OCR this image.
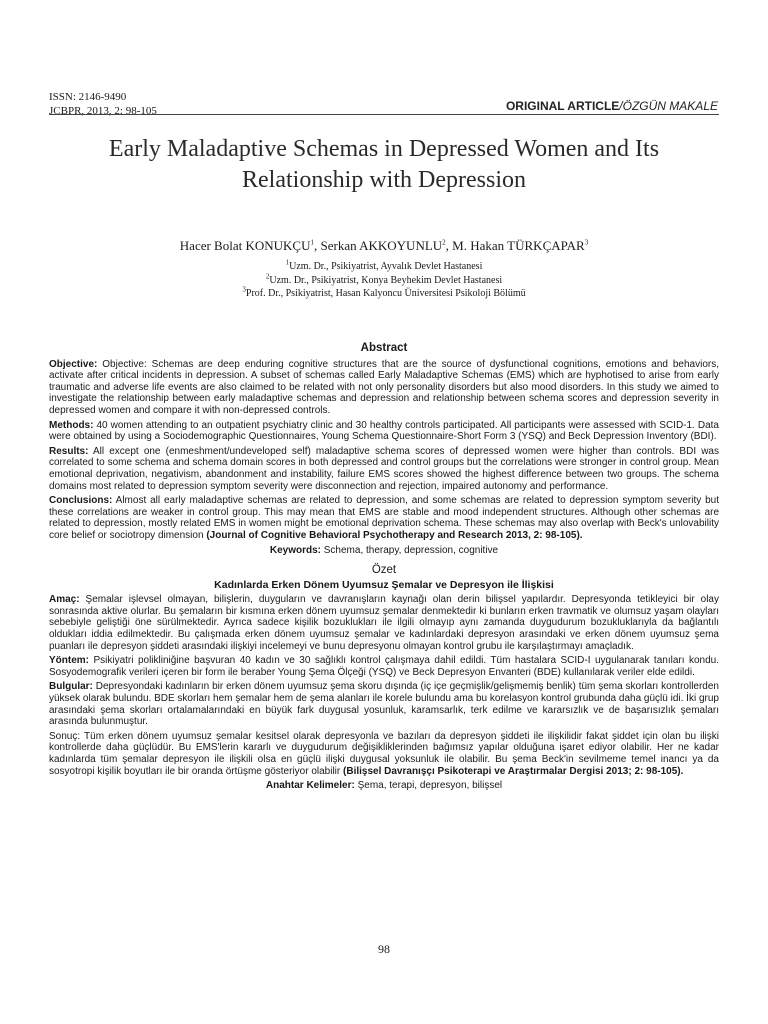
ISSN: 2146-9490
JCBPR, 2013, 2: 98-105	ORIGINAL ARTICLE/ÖZGÜN MAKALE
Early Maladaptive Schemas in Depressed Women and Its
Relationship with Depression
Hacer Bolat KONUKÇU$^1$, Serkan AKKOYUNLU$^2$, M. Hakan TÜRKÇAPAR$^3$
$^1$Uzm. Dr., Psikiyatrist, Ayvalık Devlet Hastanesi
$^2$Uzm. Dr., Psikiyatrist, Konya Beyhekim Devlet Hastanesi
$^3$Prof. Dr., Psikiyatrist, Hasan Kalyoncu Üniversitesi Psikoloji Bölümü
Abstract

Objective: Objective: Schemas are deep enduring cognitive structures that are the source of dysfunctional cognitions, emotions and behaviors, activate after critical incidents in depression. A subset of schemas called Early Maladaptive Schemas (EMS) which are hyphotised to arise from early traumatic and adverse life events are also claimed to be related with not only personality disorders but also mood disorders. In this study we aimed to investigate the relationship between early maladaptive schemas and depression and relationship between schema scores and depression severity in depressed women and compare it with non-depressed controls.

Methods: 40 women attending to an outpatient psychiatry clinic and 30 healthy controls participated. All participants were assessed with SCID-1. Data were obtained by using a Sociodemographic Questionnaires, Young Schema Questionnaire-Short Form 3 (YSQ) and Beck Depression Inventory (BDI).

Results: All except one (enmeshment/undeveloped self) maladaptive schema scores of depressed women were higher than controls. BDI was correlated to some schema and schema domain scores in both depressed and control groups but the correlations were stronger in control group. Mean emotional deprivation, negativism, abandonment and instability, failure EMS scores showed the highest difference between two groups. The schema domains most related to depression symptom severity were disconnection and rejection, impaired autonomy and performance.

Conclusions: Almost all early maladaptive schemas are related to depression, and some schemas are related to depression symptom severity but these correlations are weaker in control group. This may mean that EMS are stable and mood independent structures. Although other schemas are related to depression, mostly related EMS in women might be emotional deprivation schema. These schemas may also overlap with Beck's unlovability core belief or sociotropy dimension (Journal of Cognitive Behavioral Psychotherapy and Research 2013, 2: 98-105).

Keywords: Schema, therapy, depression, cognitive
Özet
Kadınlarda Erken Dönem Uyumsuz Şemalar ve Depresyon ile İlişkisi

Amaç: Şemalar işlevsel olmayan, bilişlerin, duyguların ve davranışların kaynağı olan derin bilişsel yapılardır. Depresyonda tetikleyici bir olay sonrasında aktive olurlar. Bu şemaların bir kısmına erken dönem uyumsuz şemalar denmektedir ki bunların erken travmatik ve olumsuz yaşam olayları sebebiyle geliştiği öne sürülmektedir. Ayrıca sadece kişilik bozuklukları ile ilgili olmayıp aynı zamanda duygudurum bozukluklarıyla da bağlantılı oldukları iddia edilmektedir. Bu çalışmada erken dönem uyumsuz şemalar ve kadınlardaki depresyon arasındaki ve erken dönem uyumsuz şema puanları ile depresyon şiddeti arasındaki ilişkiyi incelemeyi ve bunu depresyonu olmayan kontrol grubu ile karşılaştırmayı amaçladık.

Yöntem: Psikiyatri polikliniğine başvuran 40 kadın ve 30 sağlıklı kontrol çalışmaya dahil edildi. Tüm hastalara SCID-I uygulanarak tanıları kondu. Sosyodemografik verileri içeren bir form ile beraber Young Şema Ölçeği (YSQ) ve Beck Depresyon Envanteri (BDE) kullanılarak veriler elde edildi.

Bulgular: Depresyondaki kadınların bir erken dönem uyumsuz şema skoru dışında (iç içe geçmişlik/gelişmemiş benlik) tüm şema skorları kontrollerden yüksek olarak bulundu. BDE skorları hem şemalar hem de şema alanları ile korele bulundu ama bu korelasyon kontrol grubunda daha güçlü idi. İki grup arasındaki şema skorları ortalamalarındaki en büyük fark duygusal yosunluk, karamsarlık, terk edilme ve kararsızlık ve de başarısızlık şemaları arasında bulunmuştur.

Sonuç: Tüm erken dönem uyumsuz şemalar kesitsel olarak depresyonla ve bazıları da depresyon şiddeti ile ilişkilidir fakat şiddet için olan bu ilişki kontrollerde daha güçlüdür. Bu EMS'lerin kararlı ve duygudurum değişikliklerinden bağımsız yapılar olduğuna işaret ediyor olabilir. Her ne kadar kadınlarda tüm şemalar depresyon ile ilişkili olsa en güçlü ilişki duygusal yoksunluk ile olabilir. Bu şema Beck'in sevilmeme temel inancı ya da sosyotropi kişilik boyutları ile bir oranda örtüşme gösteriyor olabilir (Bilişsel Davranışçı Psikoterapi ve Araştırmalar Dergisi 2013; 2: 98-105).

Anahtar Kelimeler: Şema, terapi, depresyon, bilişsel
98
